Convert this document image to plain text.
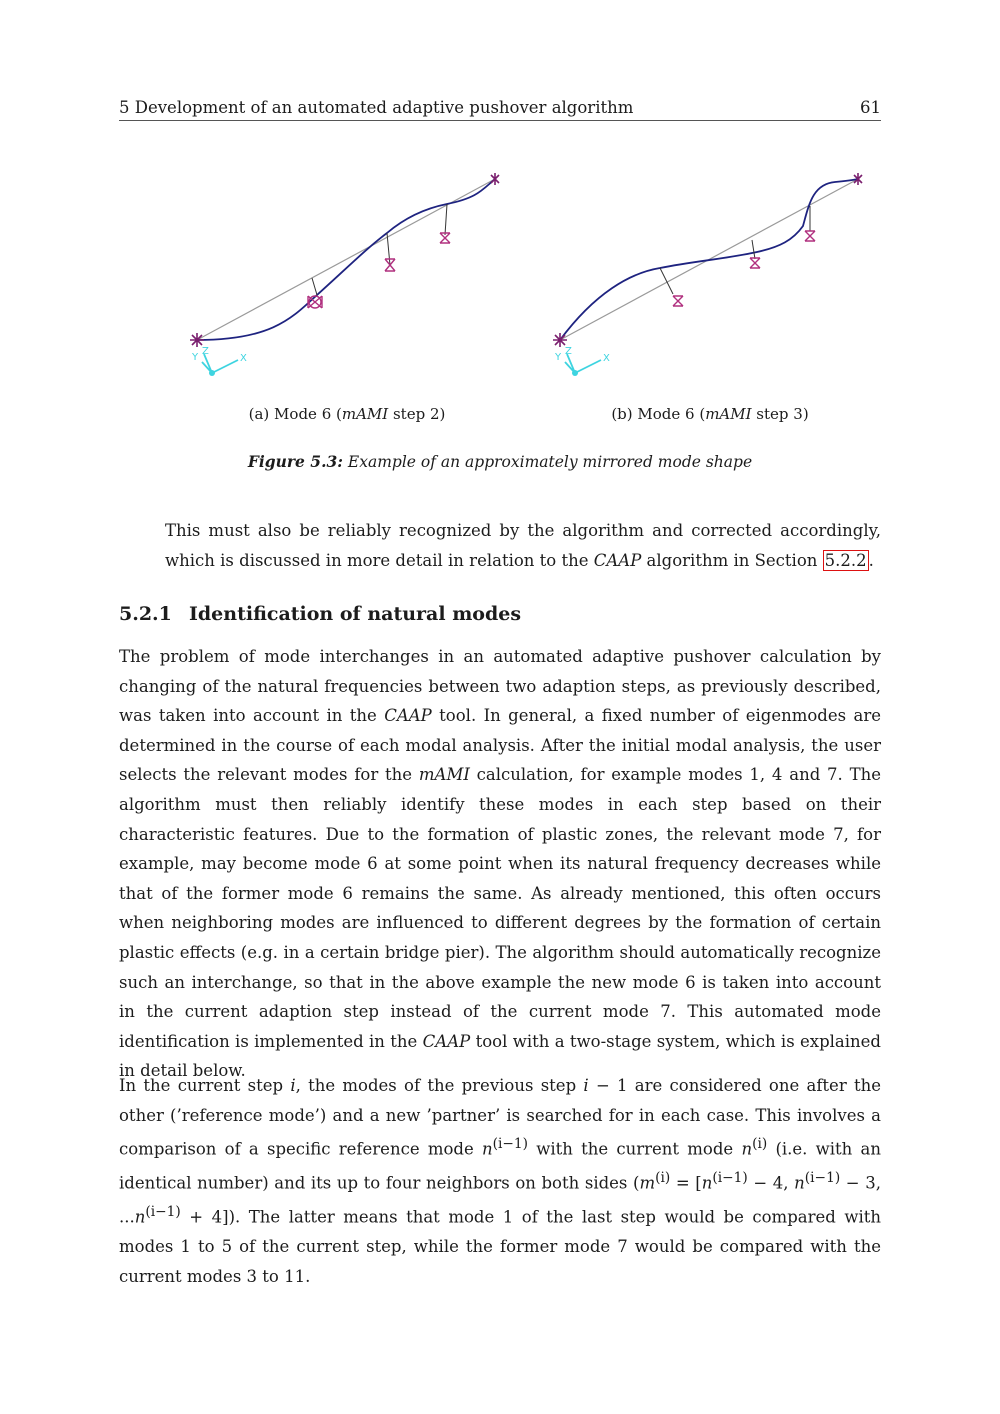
5 Development of an automated adaptive pushover algorithm	61
X
Y
Z
X
Y
Z
(a) Mode 6 (mAMI step 2)	(b) Mode 6 (mAMI step 3)
Figure 5.3: Example of an approximately mirrored mode shape

This must also be reliably recognized by the algorithm and corrected accordingly, which is discussed in more detail in relation to the CAAP algorithm in Section 5.2.2 .

5.2.1 Identification of natural modes

The problem of mode interchanges in an automated adaptive pushover calculation by changing of the natural frequencies between two adaption steps, as previously described, was taken into account in the CAAP tool. In general, a fixed number of eigenmodes are determined in the course of each modal analysis. After the initial modal analysis, the user selects the relevant modes for the mAMI calculation, for example modes 1, 4 and 7. The algorithm must then reliably identify these modes in each step based on their characteristic features. Due to the formation of plastic zones, the relevant mode 7, for example, may become mode 6 at some point when its natural frequency decreases while that of the former mode 6 remains the same. As already mentioned, this often occurs when neighboring modes are influenced to different degrees by the formation of certain plastic effects (e.g. in a certain bridge pier). The algorithm should automatically recognize such an interchange, so that in the above example the new mode 6 is taken into account in the current adaption step instead of the current mode 7. This automated mode identification is implemented in the CAAP tool with a two-stage system, which is explained in detail below.

In the current step i, the modes of the previous step i − 1 are considered one after the other (’reference mode’) and a new ’partner’ is searched for in each case. This involves a comparison of a specific reference mode $n^{(i-1)}$ with the current mode $n^{(i)}$ (i.e. with an identical number) and its up to four neighbors on both sides ($m^{(i)} = [n^{(i-1)} - 4$, $n^{(i-1)} - 3$, $...n^{(i-1)} + 4$]). The latter means that mode 1 of the last step would be compared with modes 1 to 5 of the current step, while the former mode 7 would be compared with the current modes 3 to 11.
